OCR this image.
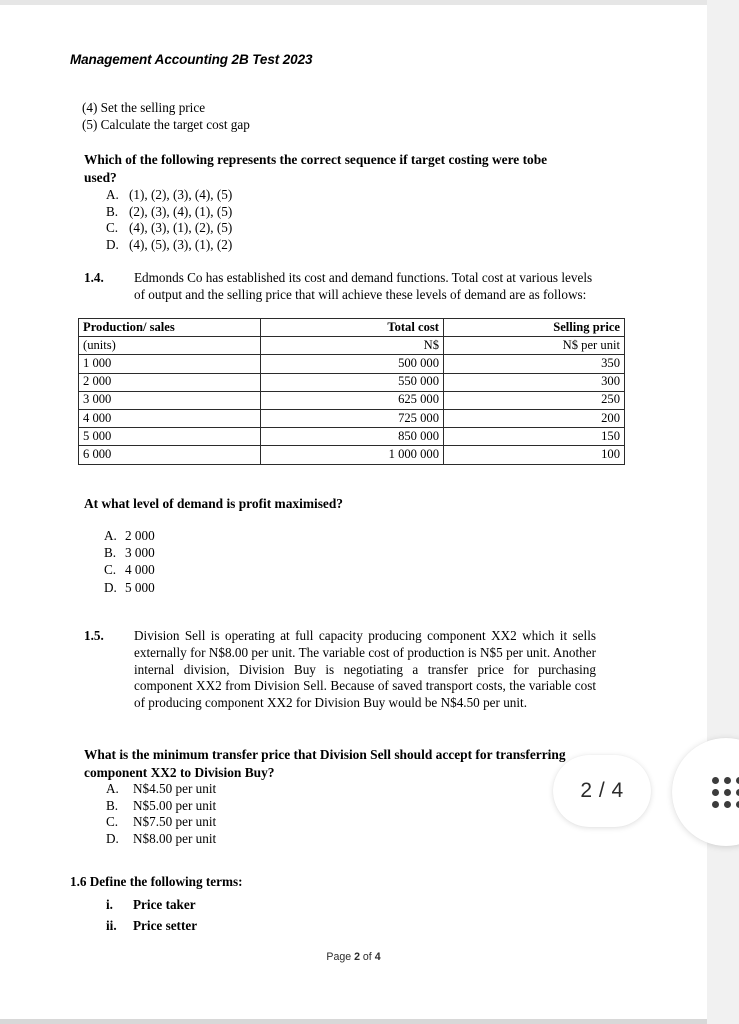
Management Accounting 2B Test 2023
(4) Set the selling price
(5) Calculate the target cost gap
Which of the following represents the correct sequence if target costing were tobe used?
A. (1), (2), (3), (4), (5)
B. (2), (3), (4), (1), (5)
C. (4), (3), (1), (2), (5)
D. (4), (5), (3), (1), (2)
1.4.	Edmonds Co has established its cost and demand functions. Total cost at various levels of output and the selling price that will achieve these levels of demand are as follows:
Production/ sales	Total cost	Selling price
(units)	N$	N$ per unit
1 000	500 000	350
2 000	550 000	300
3 000	625 000	250
4 000	725 000	200
5 000	850 000	150
6 000	1 000 000	100
At what level of demand is profit maximised?
A. 2 000
B. 3 000
C. 4 000
D. 5 000
1.5.	Division Sell is operating at full capacity producing component XX2 which it sells externally for N$8.00 per unit. The variable cost of production is N$5 per unit. Another internal division, Division Buy is negotiating a transfer price for purchasing component XX2 from Division Sell. Because of saved transport costs, the variable cost of producing component XX2 for Division Buy would be N$4.50 per unit.
What is the minimum transfer price that Division Sell should accept for transferring component XX2 to Division Buy?
A.	N$4.50 per unit
B.	N$5.00 per unit
C.	N$7.50 per unit
D.	N$8.00 per unit
1.6 Define the following terms:
i.	Price taker
ii.	Price setter
Page 2 of 4
2 / 4
